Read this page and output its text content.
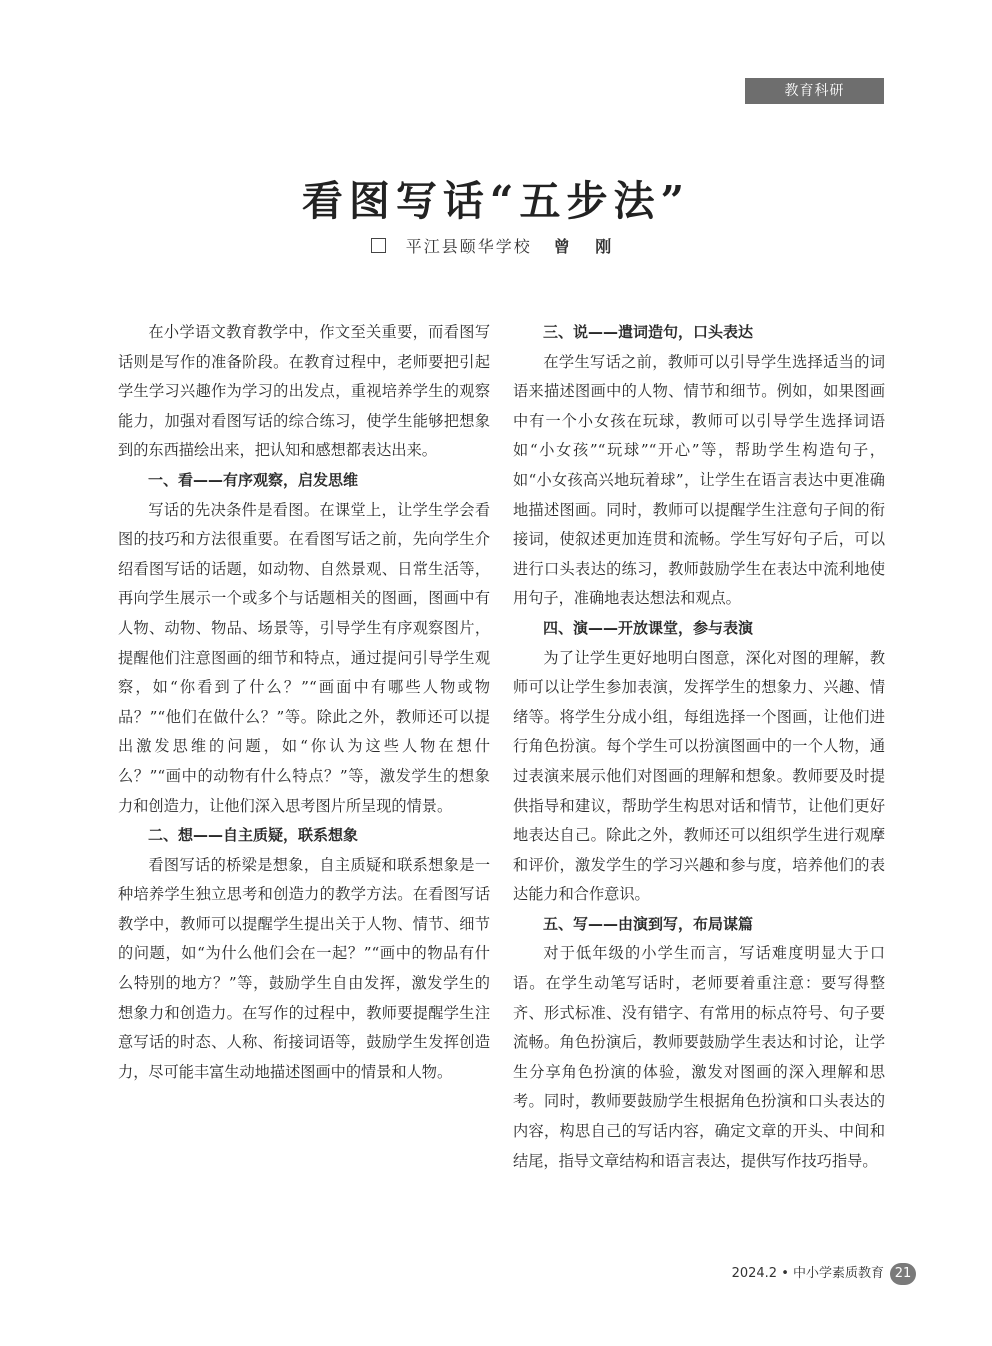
教育科研
看图写话“五步法”
平江县颐华学校 曾 刚

在小学语文教育教学中，作文至关重要，而看图写话则是写作的准备阶段。在教育过程中，老师要把引起学生学习兴趣作为学习的出发点，重视培养学生的观察能力，加强对看图写话的综合练习，使学生能够把想象到的东西描绘出来，把认知和感想都表达出来。

一、看——有序观察，启发思维

写话的先决条件是看图。在课堂上，让学生学会看图的技巧和方法很重要。在看图写话之前，先向学生介绍看图写话的话题，如动物、自然景观、日常生活等，再向学生展示一个或多个与话题相关的图画，图画中有人物、动物、物品、场景等，引导学生有序观察图片，提醒他们注意图画的细节和特点，通过提问引导学生观察，如“你看到了什么？”“画面中有哪些人物或物品？”“他们在做什么？”等。除此之外，教师还可以提出激发思维的问题，如“你认为这些人物在想什么？”“画中的动物有什么特点？”等，激发学生的想象力和创造力，让他们深入思考图片所呈现的情景。

二、想——自主质疑，联系想象

看图写话的桥梁是想象，自主质疑和联系想象是一种培养学生独立思考和创造力的教学方法。在看图写话教学中，教师可以提醒学生提出关于人物、情节、细节的问题，如“为什么他们会在一起？”“画中的物品有什么特别的地方？”等，鼓励学生自由发挥，激发学生的想象力和创造力。在写作的过程中，教师要提醒学生注意写话的时态、人称、衔接词语等，鼓励学生发挥创造力，尽可能丰富生动地描述图画中的情景和人物。

三、说——遣词造句，口头表达

在学生写话之前，教师可以引导学生选择适当的词语来描述图画中的人物、情节和细节。例如，如果图画中有一个小女孩在玩球，教师可以引导学生选择词语如“小女孩”“玩球”“开心”等，帮助学生构造句子，如“小女孩高兴地玩着球”，让学生在语言表达中更准确地描述图画。同时，教师可以提醒学生注意句子间的衔接词，使叙述更加连贯和流畅。学生写好句子后，可以进行口头表达的练习，教师鼓励学生在表达中流利地使用句子，准确地表达想法和观点。

四、演——开放课堂，参与表演

为了让学生更好地明白图意，深化对图的理解，教师可以让学生参加表演，发挥学生的想象力、兴趣、情绪等。将学生分成小组，每组选择一个图画，让他们进行角色扮演。每个学生可以扮演图画中的一个人物，通过表演来展示他们对图画的理解和想象。教师要及时提供指导和建议，帮助学生构思对话和情节，让他们更好地表达自己。除此之外，教师还可以组织学生进行观摩和评价，激发学生的学习兴趣和参与度，培养他们的表达能力和合作意识。

五、写——由演到写，布局谋篇

对于低年级的小学生而言，写话难度明显大于口语。在学生动笔写话时，老师要着重注意：要写得整齐、形式标准、没有错字、有常用的标点符号、句子要流畅。角色扮演后，教师要鼓励学生表达和讨论，让学生分享角色扮演的体验，激发对图画的深入理解和思考。同时，教师要鼓励学生根据角色扮演和口头表达的内容，构思自己的写话内容，确定文章的开头、中间和结尾，指导文章结构和语言表达，提供写作技巧指导。

2024.2 • 中小学素质教育 21
